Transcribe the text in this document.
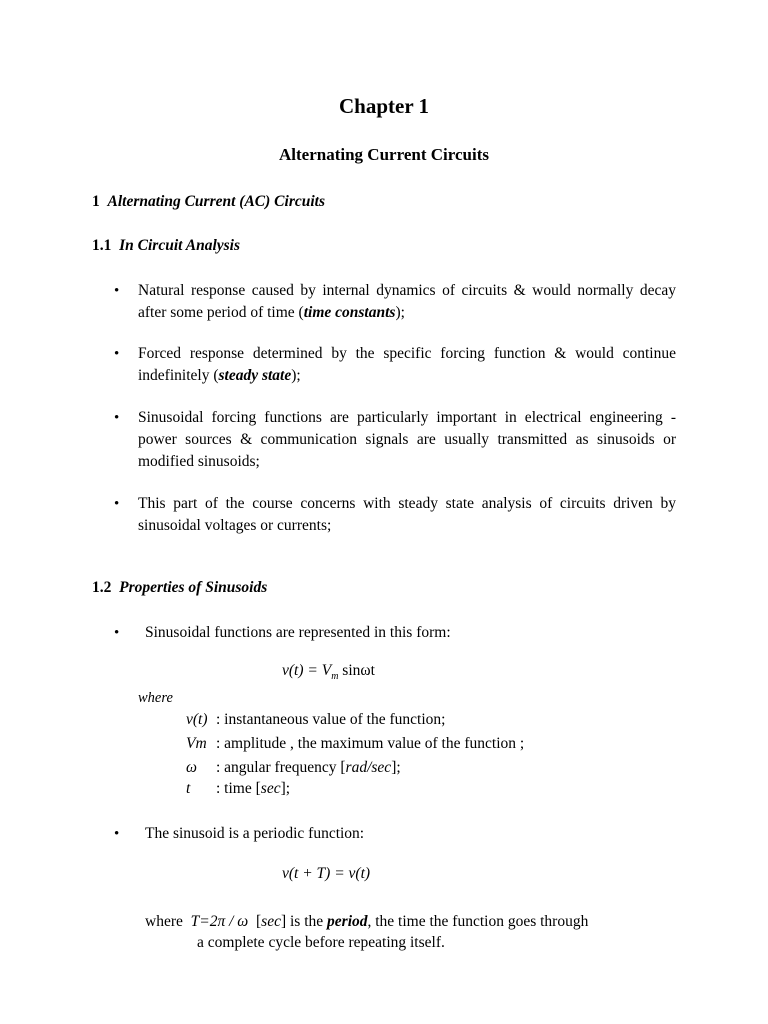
Chapter 1
Alternating Current Circuits
1 Alternating Current (AC) Circuits
1.1 In Circuit Analysis
• Natural response caused by internal dynamics of circuits & would normally decay after some period of time (time constants);
• Forced response determined by the specific forcing function & would continue indefinitely (steady state);
• Sinusoidal forcing functions are particularly important in electrical engineering - power sources & communication signals are usually transmitted as sinusoids or modified sinusoids;
• This part of the course concerns with steady state analysis of circuits driven by sinusoidal voltages or currents;
1.2 Properties of Sinusoids
• Sinusoidal functions are represented in this form:
$v(t) = V_m$ sinωt
where
v(t) : instantaneous value of the function;
Vm : amplitude , the maximum value of the function ;
ω : angular frequency [rad/sec];
t : time [sec];
• The sinusoid is a periodic function:
v(t + T) = v(t)
where T=2π / ω  [sec] is the period, the time the function goes through
a complete cycle before repeating itself.
